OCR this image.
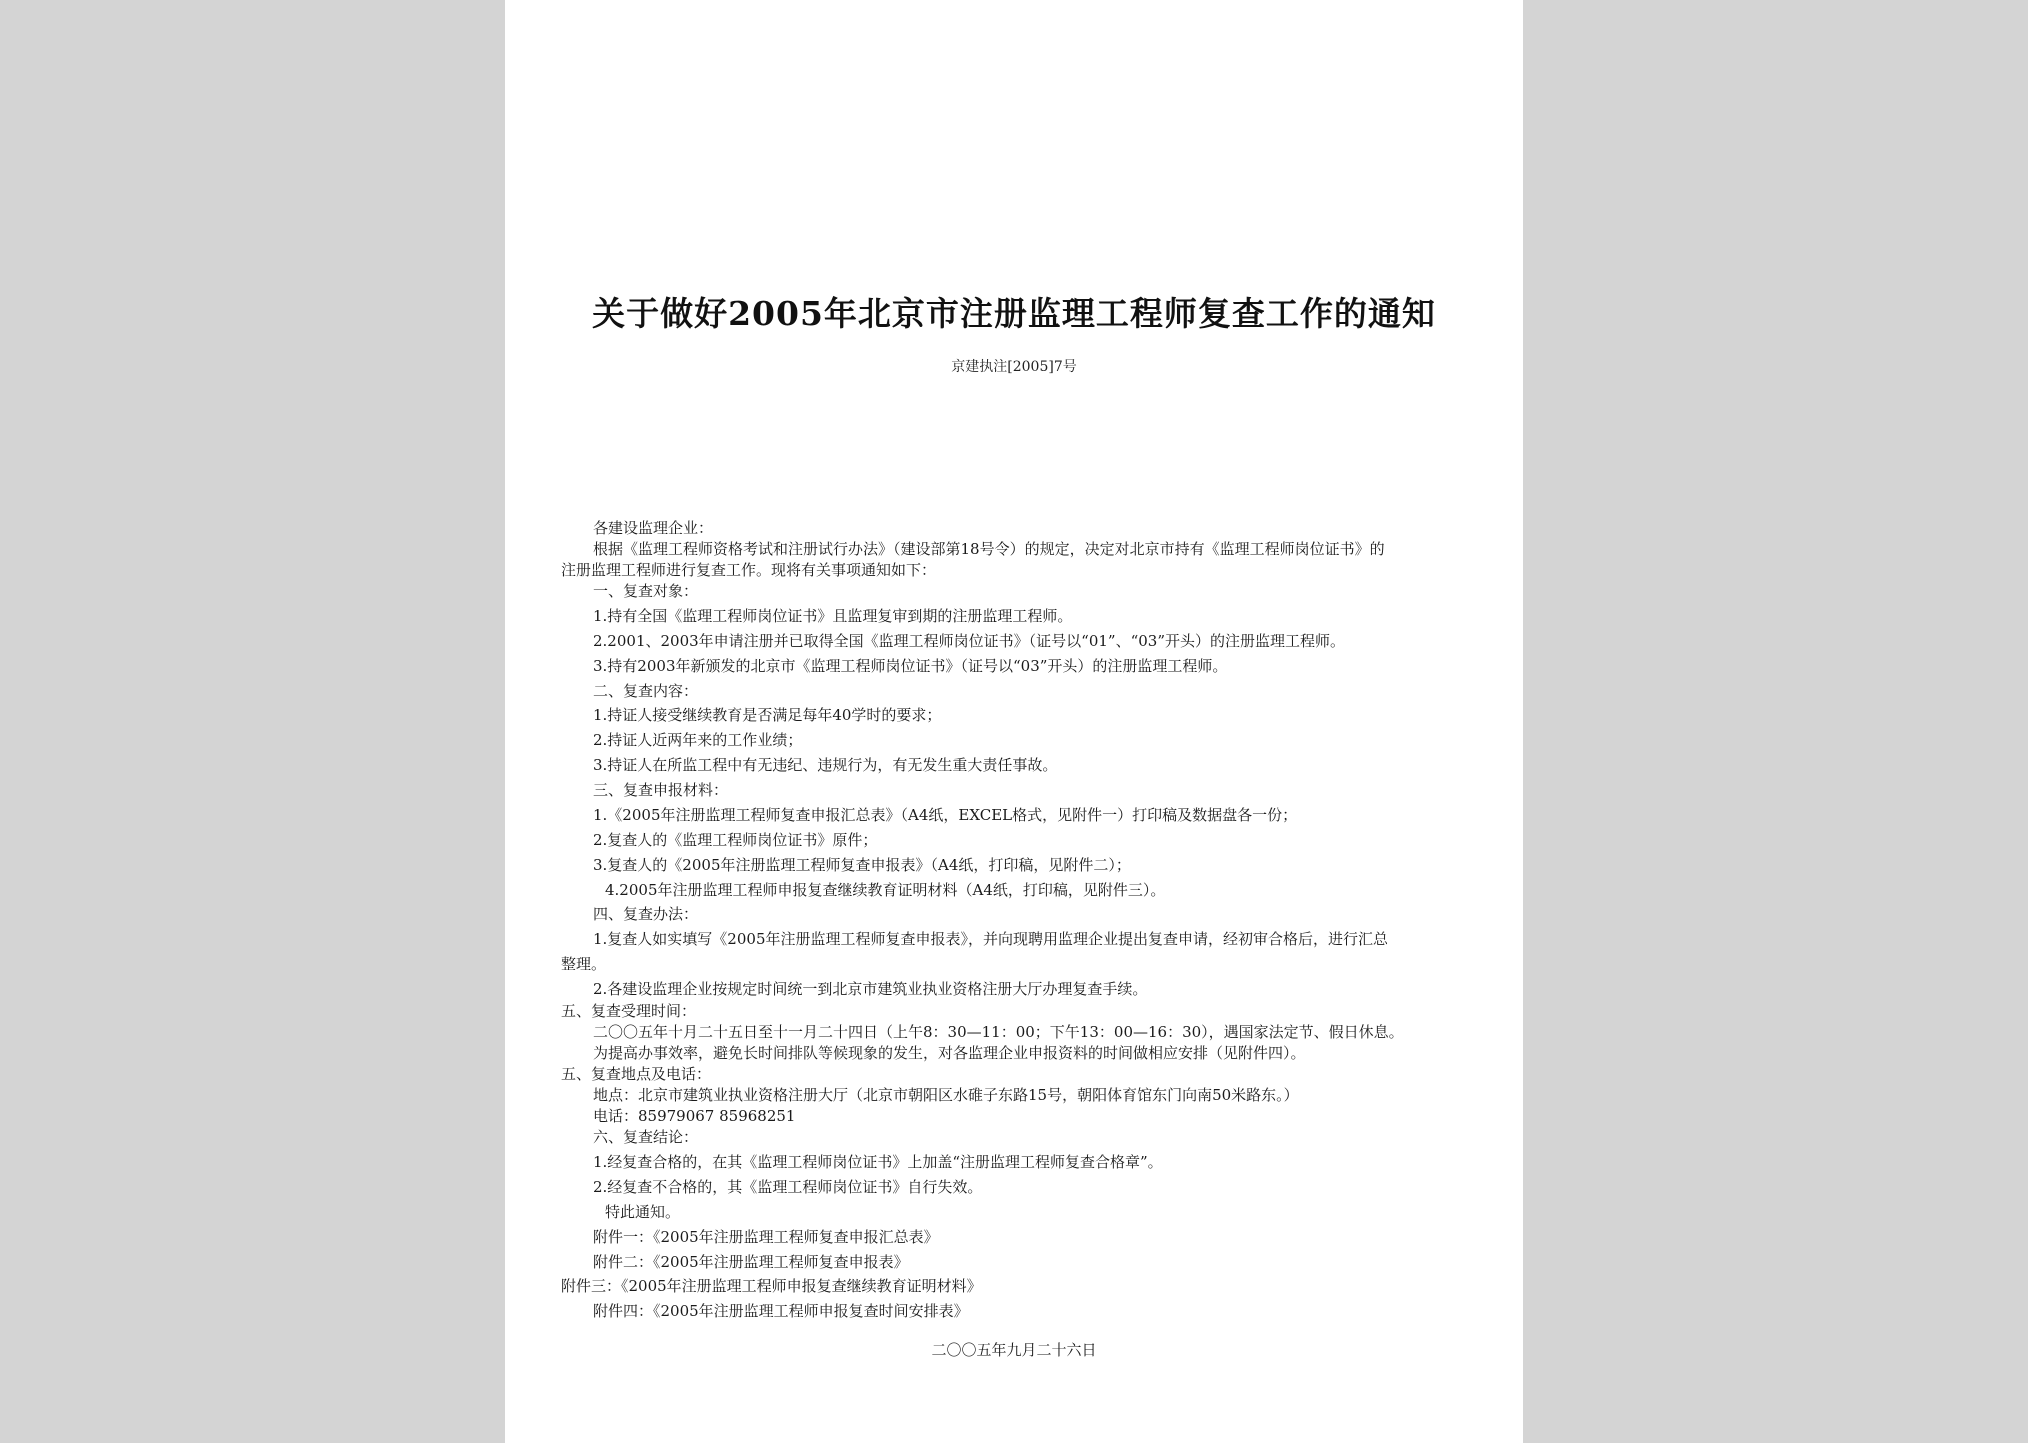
关于做好2005年北京市注册监理工程师复查工作的通知
京建执注[2005]7号
各建设监理企业：
根据《监理工程师资格考试和注册试行办法》（建设部第18号令）的规定，决定对北京市持有《监理工程师岗位证书》的
注册监理工程师进行复查工作。现将有关事项通知如下：
一、复查对象：
1.持有全国《监理工程师岗位证书》且监理复审到期的注册监理工程师。
2.2001、2003年申请注册并已取得全国《监理工程师岗位证书》（证号以“01”、“03”开头）的注册监理工程师。
3.持有2003年新颁发的北京市《监理工程师岗位证书》（证号以“03”开头）的注册监理工程师。
二、复查内容：
1.持证人接受继续教育是否满足每年40学时的要求；
2.持证人近两年来的工作业绩；
3.持证人在所监工程中有无违纪、违规行为，有无发生重大责任事故。
三、复查申报材料：
1.《2005年注册监理工程师复查申报汇总表》（A4纸，EXCEL格式，见附件一）打印稿及数据盘各一份；
2.复查人的《监理工程师岗位证书》原件；
3.复查人的《2005年注册监理工程师复查申报表》（A4纸，打印稿，见附件二）；
4.2005年注册监理工程师申报复查继续教育证明材料（A4纸，打印稿，见附件三）。
四、复查办法：
1.复查人如实填写《2005年注册监理工程师复查申报表》，并向现聘用监理企业提出复查申请，经初审合格后，进行汇总
整理。
2.各建设监理企业按规定时间统一到北京市建筑业执业资格注册大厅办理复查手续。
五、复查受理时间：
二〇〇五年十月二十五日至十一月二十四日（上午8：30—11：00；下午13：00—16：30），遇国家法定节、假日休息。
为提高办事效率，避免长时间排队等候现象的发生，对各监理企业申报资料的时间做相应安排（见附件四）。
五、复查地点及电话：
地点：北京市建筑业执业资格注册大厅（北京市朝阳区水碓子东路15号，朝阳体育馆东门向南50米路东。）
电话：85979067 85968251
六、复查结论：
1.经复查合格的，在其《监理工程师岗位证书》上加盖“注册监理工程师复查合格章”。
2.经复查不合格的，其《监理工程师岗位证书》自行失效。
特此通知。
附件一：《2005年注册监理工程师复查申报汇总表》
附件二：《2005年注册监理工程师复查申报表》
附件三：《2005年注册监理工程师申报复查继续教育证明材料》
附件四：《2005年注册监理工程师申报复查时间安排表》
二〇〇五年九月二十六日
